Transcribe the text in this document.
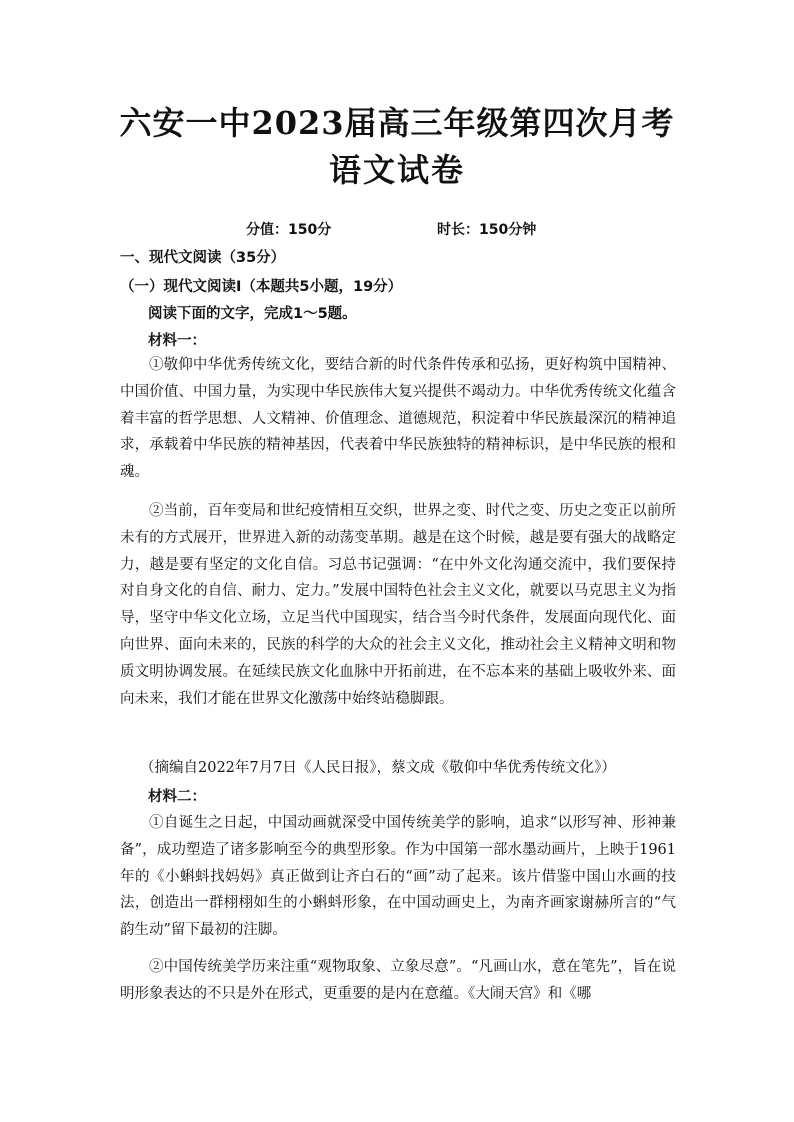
六安一中2023届高三年级第四次月考
语文试卷
分值：150分	时长：150分钟
一、现代文阅读（35分）
（一）现代文阅读Ⅰ（本题共5小题，19分）
阅读下面的文字，完成1～5题。
材料一：
①敬仰中华优秀传统文化，要结合新的时代条件传承和弘扬，更好构筑中国精神、中国价值、中国力量，为实现中华民族伟大复兴提供不竭动力。中华优秀传统文化蕴含着丰富的哲学思想、人文精神、价值理念、道德规范，积淀着中华民族最深沉的精神追求，承载着中华民族的精神基因，代表着中华民族独特的精神标识，是中华民族的根和魂。
②当前，百年变局和世纪疫情相互交织，世界之变、时代之变、历史之变正以前所未有的方式展开，世界进入新的动荡变革期。越是在这个时候，越是要有强大的战略定力，越是要有坚定的文化自信。习总书记强调：“在中外文化沟通交流中，我们要保持对自身文化的自信、耐力、定力。”发展中国特色社会主义文化，就要以马克思主义为指导，坚守中华文化立场，立足当代中国现实，结合当今时代条件，发展面向现代化、面向世界、面向未来的，民族的科学的大众的社会主义文化，推动社会主义精神文明和物质文明协调发展。在延续民族文化血脉中开拓前进，在不忘本来的基础上吸收外来、面向未来，我们才能在世界文化激荡中始终站稳脚跟。
（摘编自2022年7月7日《人民日报》，蔡文成《敬仰中华优秀传统文化》）
材料二：
①自诞生之日起，中国动画就深受中国传统美学的影响，追求“以形写神、形神兼备”，成功塑造了诸多影响至今的典型形象。作为中国第一部水墨动画片，上映于1961年的《小蝌蚪找妈妈》真正做到让齐白石的“画”动了起来。该片借鉴中国山水画的技法，创造出一群栩栩如生的小蝌蚪形象，在中国动画史上，为南齐画家谢赫所言的“气韵生动”留下最初的注脚。
②中国传统美学历来注重“观物取象、立象尽意”。“凡画山水，意在笔先”，旨在说明形象表达的不只是外在形式，更重要的是内在意蕴。《大闹天宫》和《哪
